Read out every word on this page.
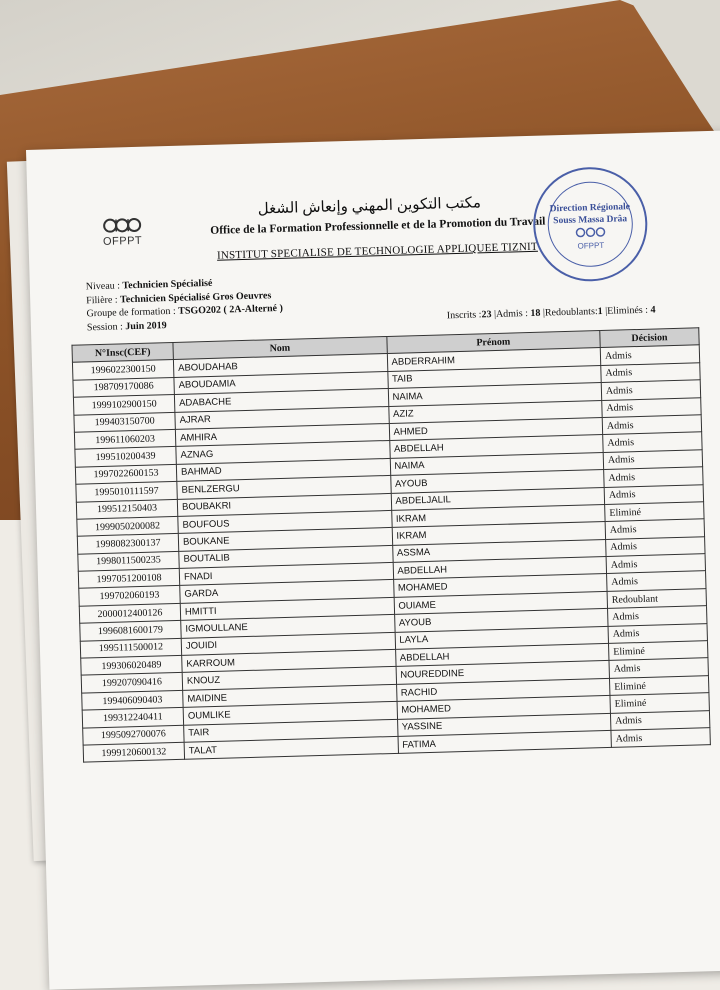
OFPPT
مكتب التكوين المهني وإنعاش الشغل
Office de la Formation Professionnelle et de la Promotion du Travail
INSTITUT SPECIALISE DE TECHNOLOGIE APPLIQUEE TIZNIT
Direction Régionale
Souss Massa Drâa
OFPPT
Niveau : Technicien Spécialisé
Filière : Technicien Spécialisé Gros Oeuvres
Groupe de formation : TSGO202 ( 2A-Alterné )
Session : Juin 2019
Inscrits :23 |Admis : 18 |Redoublants:1 |Eliminés : 4
N°Insc(CEF)	Nom	Prénom	Décision
1996022300150	ABOUDAHAB	ABDERRAHIM	Admis
198709170086	ABOUDAMIA	TAIB	Admis
1999102900150	ADABACHE	NAIMA	Admis
199403150700	AJRAR	AZIZ	Admis
199611060203	AMHIRA	AHMED	Admis
199510200439	AZNAG	ABDELLAH	Admis
1997022600153	BAHMAD	NAIMA	Admis
1995010111597	BENLZERGU	AYOUB	Admis
199512150403	BOUBAKRI	ABDELJALIL	Admis
1999050200082	BOUFOUS	IKRAM	Eliminé
1998082300137	BOUKANE	IKRAM	Admis
1998011500235	BOUTALIB	ASSMA	Admis
1997051200108	FNADI	ABDELLAH	Admis
199702060193	GARDA	MOHAMED	Admis
2000012400126	HMITTI	OUIAME	Redoublant
1996081600179	IGMOULLANE	AYOUB	Admis
1995111500012	JOUIDI	LAYLA	Admis
199306020489	KARROUM	ABDELLAH	Eliminé
199207090416	KNOUZ	NOUREDDINE	Admis
199406090403	MAIDINE	RACHID	Eliminé
199312240411	OUMLIKE	MOHAMED	Eliminé
1995092700076	TAIR	YASSINE	Admis
1999120600132	TALAT	FATIMA	Admis
